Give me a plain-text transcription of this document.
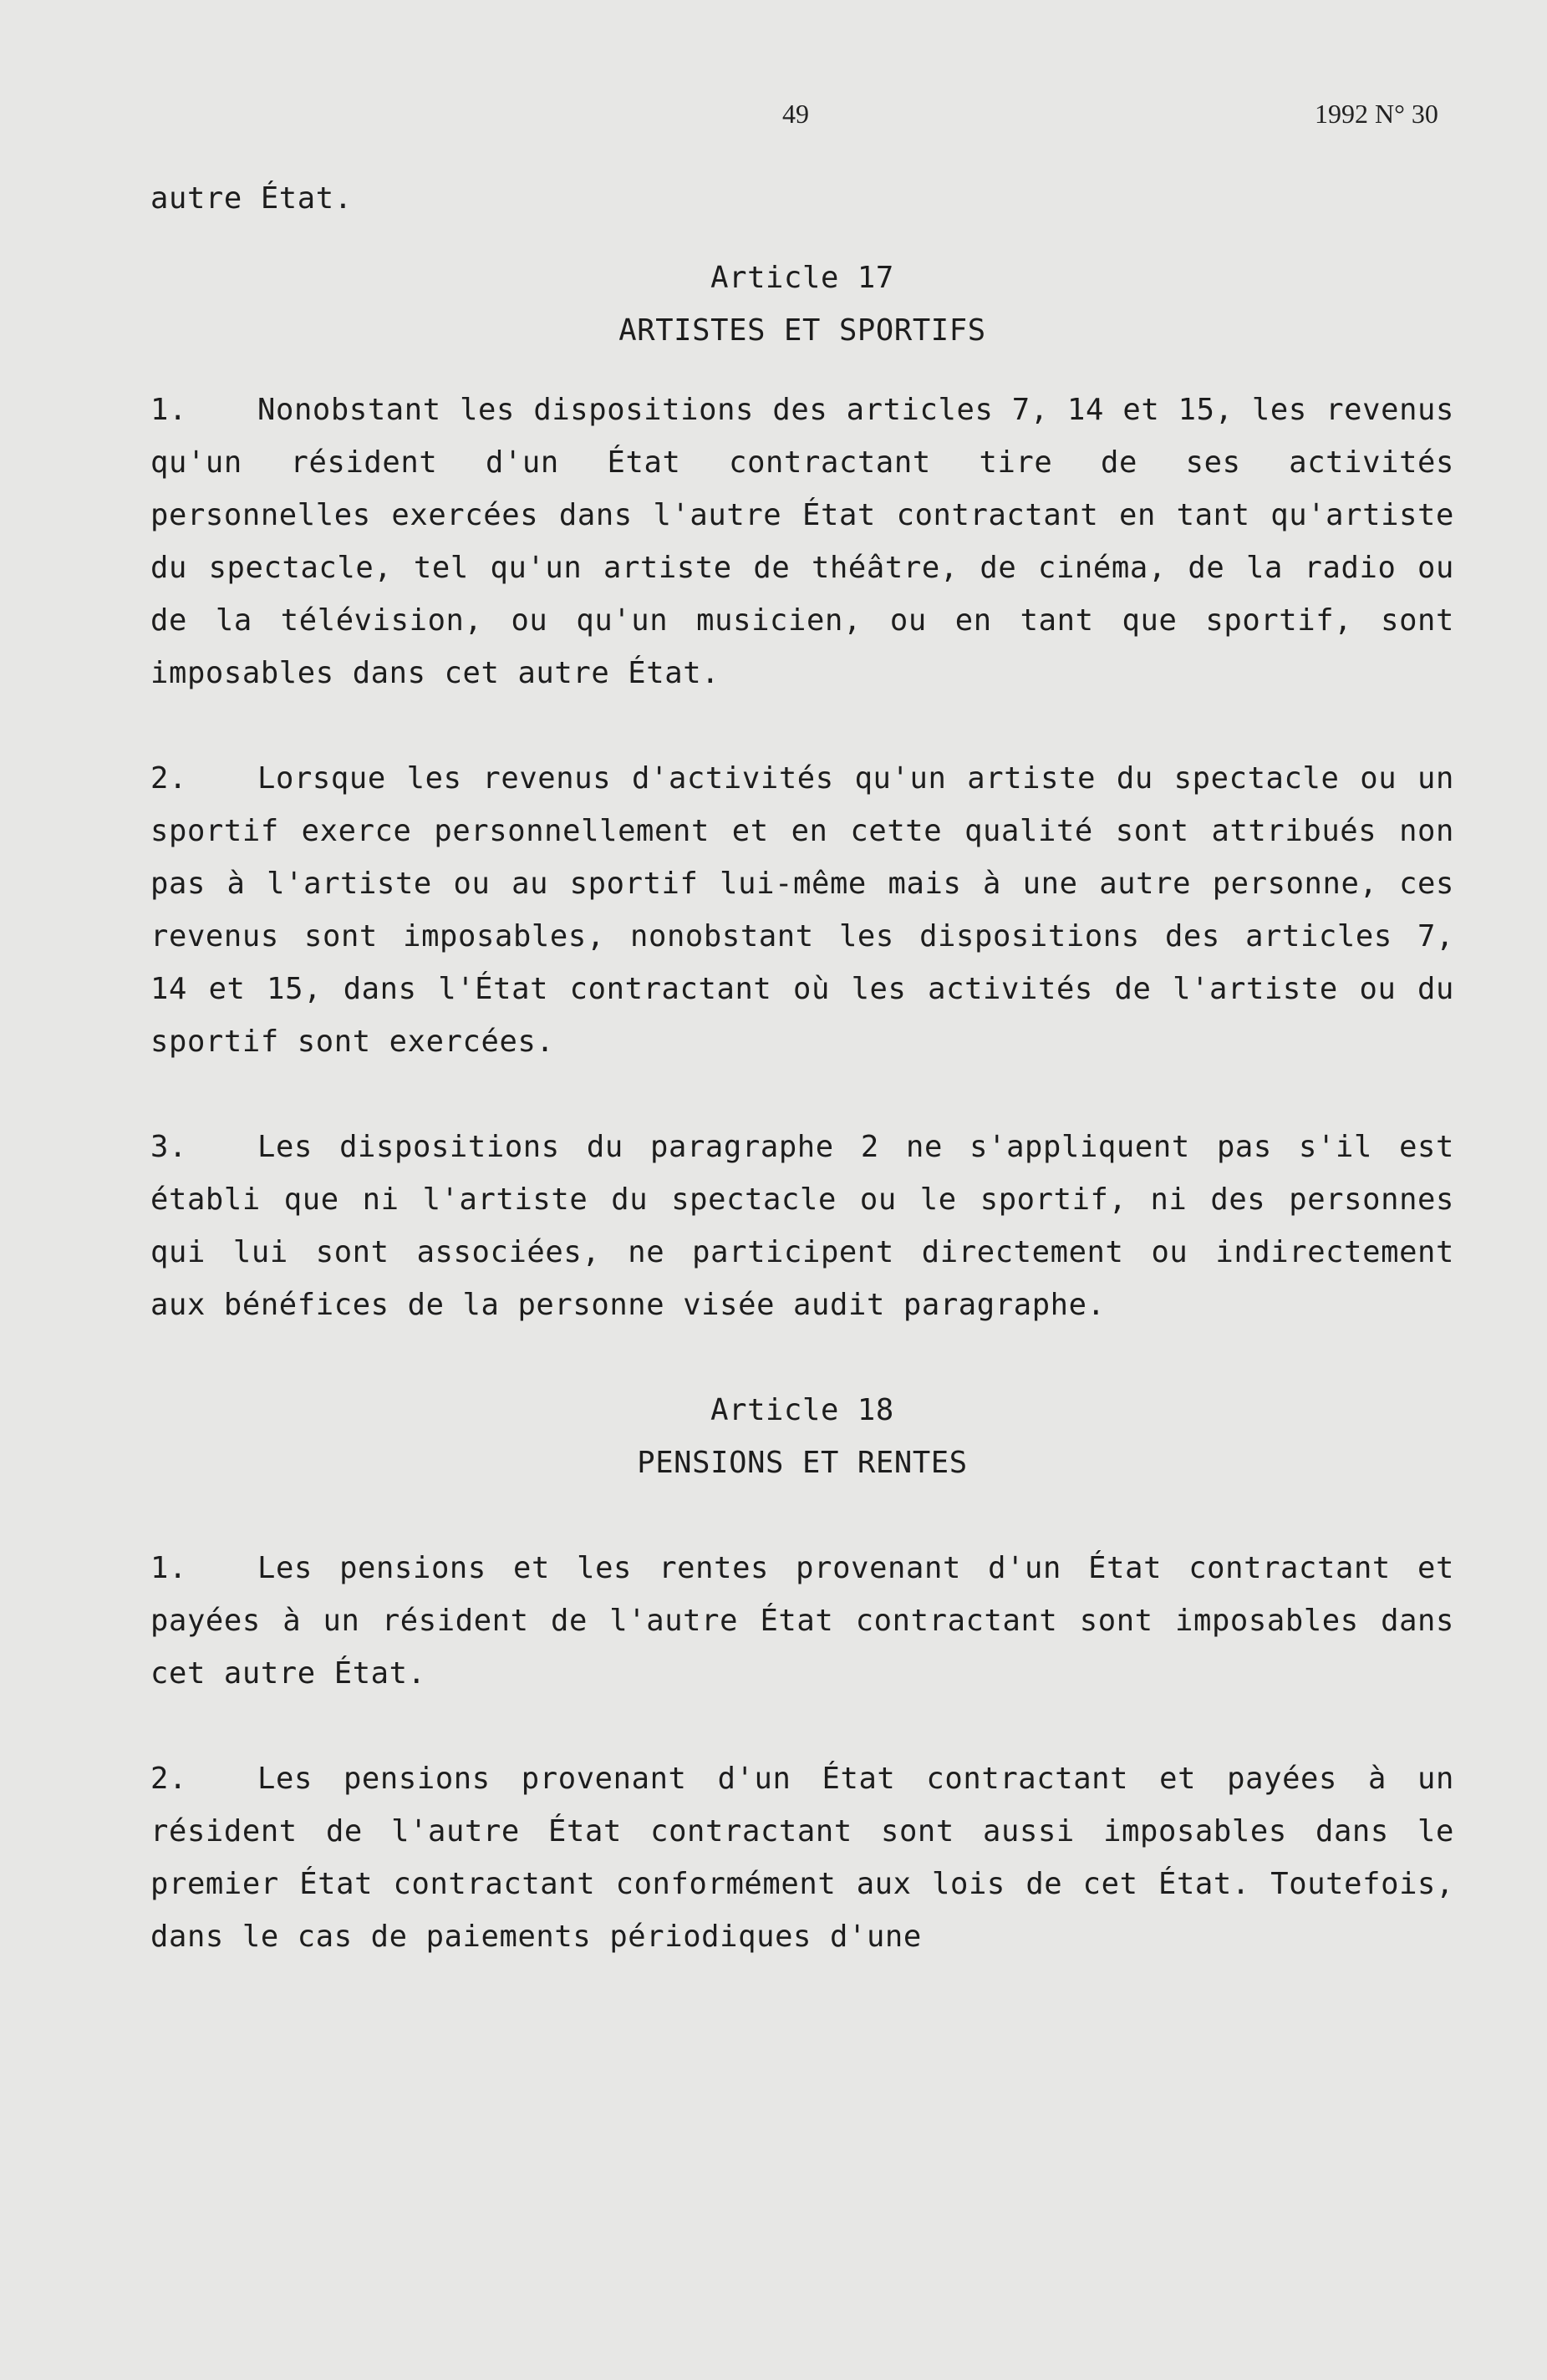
49	1992 N° 30

autre État.

Article 17

ARTISTES ET SPORTIFS

1. Nonobstant les dispositions des articles 7, 14 et 15, les revenus qu'un résident d'un État contractant tire de ses activités personnelles exercées dans l'autre État contractant en tant qu'artiste du spectacle, tel qu'un artiste de théâtre, de cinéma, de la radio ou de la télévision, ou qu'un musicien, ou en tant que sportif, sont imposables dans cet autre État.

2. Lorsque les revenus d'activités qu'un artiste du spectacle ou un sportif exerce personnellement et en cette qualité sont attribués non pas à l'artiste ou au sportif lui-même mais à une autre personne, ces revenus sont imposables, nonobstant les dispositions des articles 7, 14 et 15, dans l'État contractant où les activités de l'artiste ou du sportif sont exercées.

3. Les dispositions du paragraphe 2 ne s'appliquent pas s'il est établi que ni l'artiste du spectacle ou le sportif, ni des personnes qui lui sont associées, ne participent directement ou indirectement aux bénéfices de la personne visée audit paragraphe.

Article 18

PENSIONS ET RENTES

1. Les pensions et les rentes provenant d'un État contractant et payées à un résident de l'autre État contractant sont imposables dans cet autre État.

2. Les pensions provenant d'un État contractant et payées à un résident de l'autre État contractant sont aussi imposables dans le premier État contractant conformément aux lois de cet État. Toutefois, dans le cas de paiements périodiques d'une
